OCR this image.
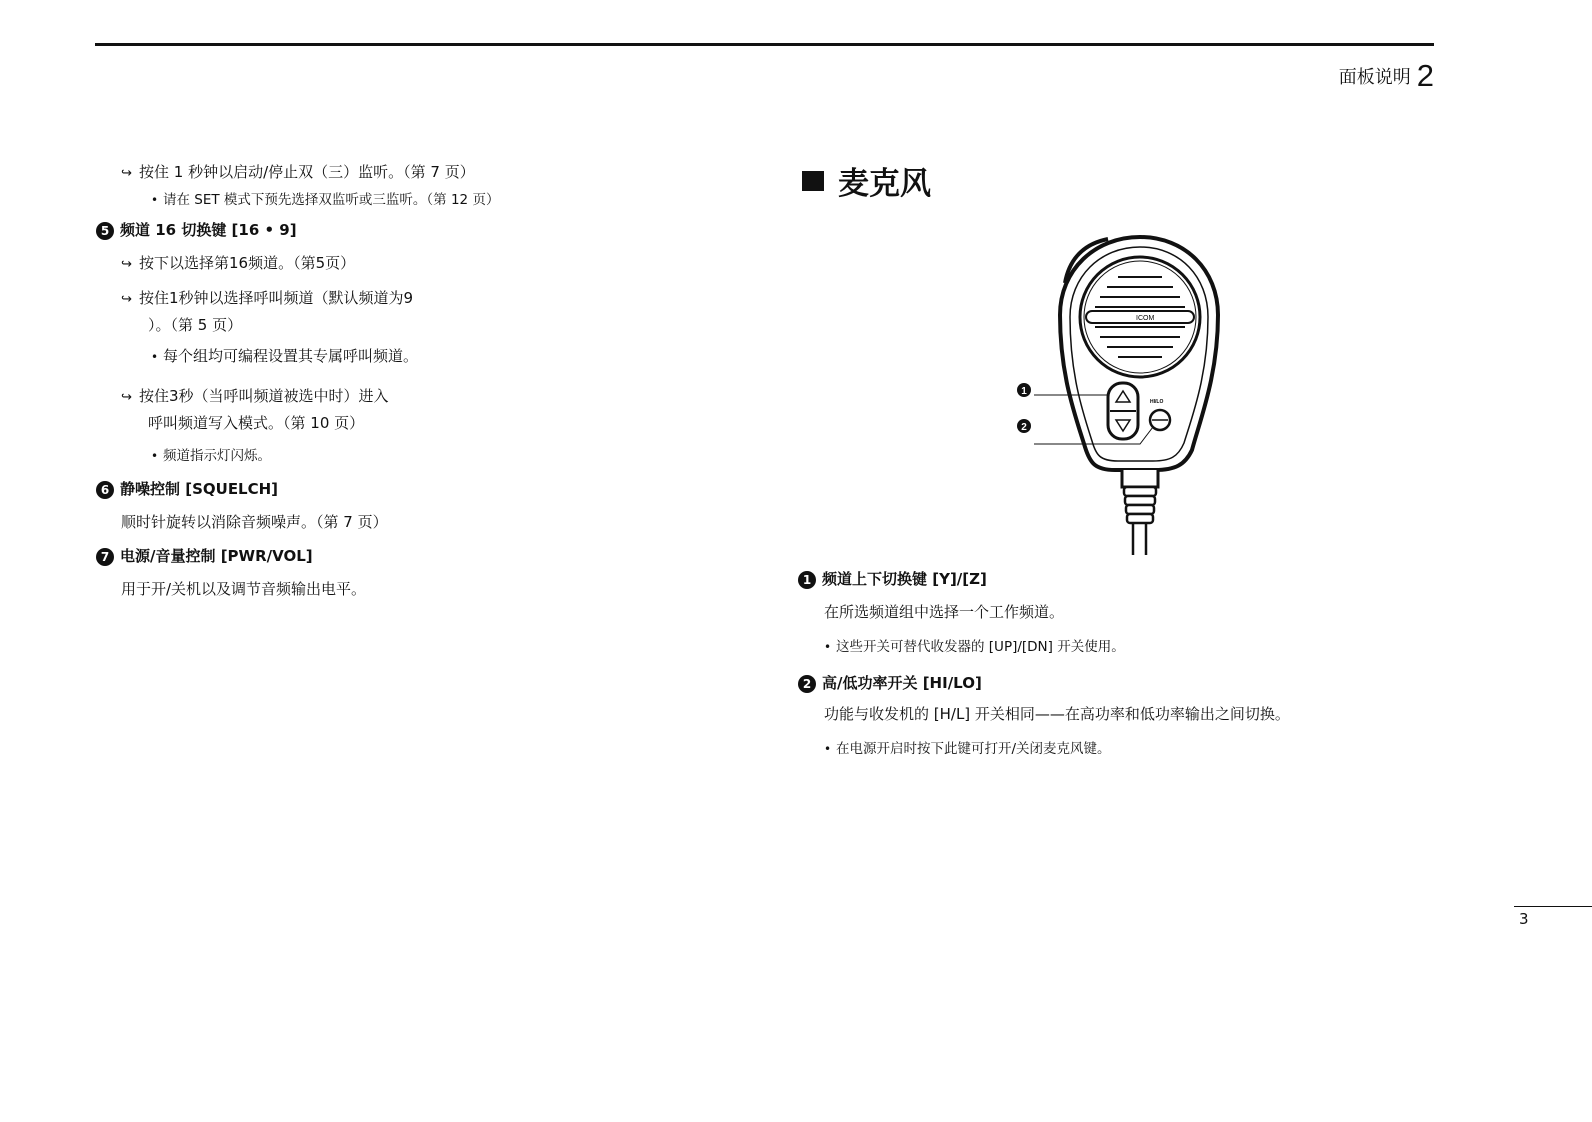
面板说明 2
↪ 按住 1 秒钟以启动/停止双（三）监听。（第 7 页）
• 请在 SET 模式下预先选择双监听或三监听。（第 12 页）
5 频道 16 切换键 [16 • 9]
↪ 按下以选择第16频道。（第5页）
↪ 按住1秒钟以选择呼叫频道（默认频道为9
）。（第 5 页）
• 每个组均可编程设置其专属呼叫频道。
↪ 按住3秒（当呼叫频道被选中时）进入
呼叫频道写入模式。（第 10 页）
• 频道指示灯闪烁。
6 静噪控制 [SQUELCH]
顺时针旋转以消除音频噪声。（第 7 页）
7 电源/音量控制 [PWR/VOL]
用于开/关机以及调节音频输出电平。
麦克风
ICOM
HI/LO
1
2
1 频道上下切换键 [Y]/[Z]
在所选频道组中选择一个工作频道。
• 这些开关可替代收发器的 [UP]/[DN] 开关使用。
2 高/低功率开关 [HI/LO]
功能与收发机的 [H/L] 开关相同——在高功率和低功率输出之间切换。
• 在电源开启时按下此键可打开/关闭麦克风键。
3
